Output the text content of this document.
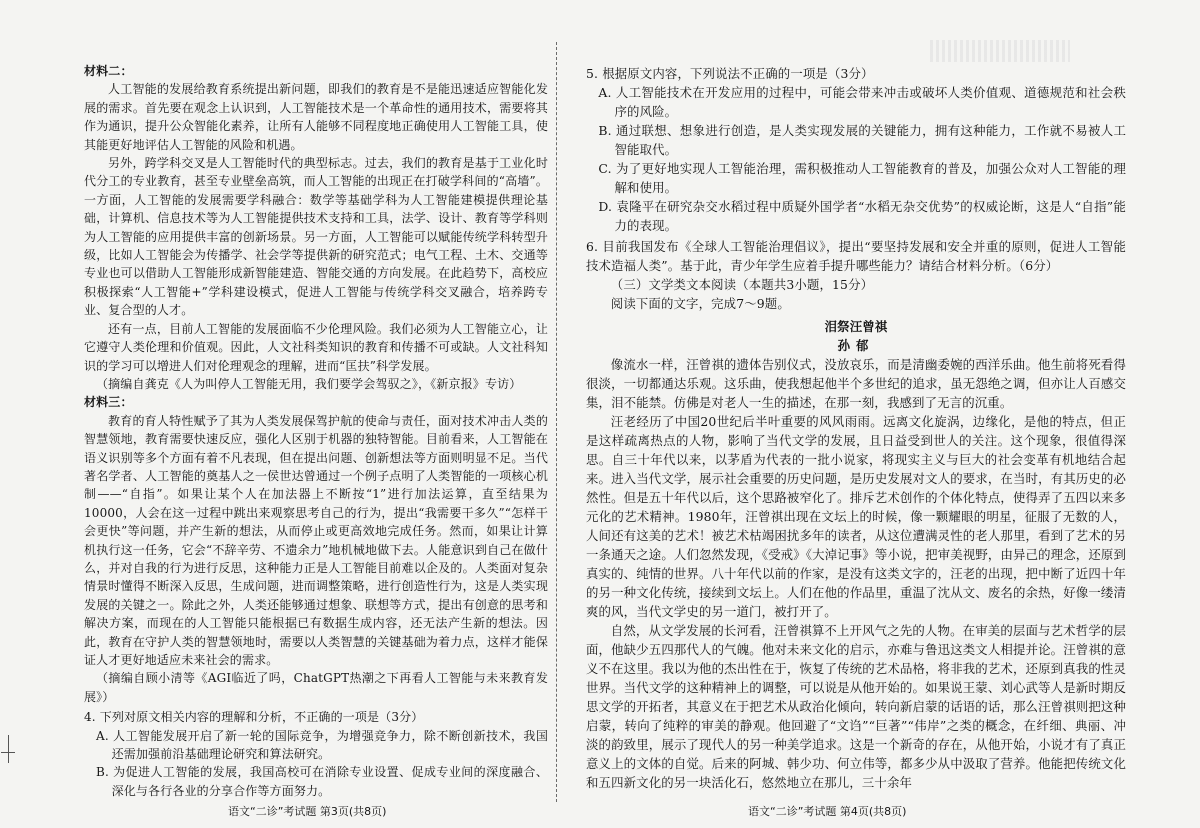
材料二：

人工智能的发展给教育系统提出新问题，即我们的教育是不是能迅速适应智能化发展的需求。首先要在观念上认识到，人工智能技术是一个革命性的通用技术，需要将其作为通识，提升公众智能化素养，让所有人能够不同程度地正确使用人工智能工具，使其能更好地评估人工智能的风险和机遇。

另外，跨学科交叉是人工智能时代的典型标志。过去，我们的教育是基于工业化时代分工的专业教育，甚至专业壁垒高筑，而人工智能的出现正在打破学科间的“高墙”。一方面，人工智能的发展需要学科融合：数学等基础学科为人工智能建模提供理论基础，计算机、信息技术等为人工智能提供技术支持和工具，法学、设计、教育等学科则为人工智能的应用提供丰富的创新场景。另一方面，人工智能可以赋能传统学科转型升级，比如人工智能会为传播学、社会学等提供新的研究范式；电气工程、土木、交通等专业也可以借助人工智能形成新智能建造、智能交通的方向发展。在此趋势下，高校应积极探索“人工智能+”学科建设模式，促进人工智能与传统学科交叉融合，培养跨专业、复合型的人才。

还有一点，目前人工智能的发展面临不少伦理风险。我们必须为人工智能立心，让它遵守人类伦理和价值观。因此，人文社科类知识的教育和传播不可或缺。人文社科知识的学习可以增进人们对伦理观念的理解，进而“匡扶”科学发展。

（摘编自龚克《人为叫停人工智能无用，我们要学会驾驭之》，《新京报》专访）

材料三：

教育的育人特性赋予了其为人类发展保驾护航的使命与责任，面对技术冲击人类的智慧领地，教育需要快速反应，强化人区别于机器的独特智能。目前看来，人工智能在语义识别等多个方面有着不凡表现，但在提出问题、创新想法等方面则明显不足。当代著名学者、人工智能的奠基人之一侯世达曾通过一个例子点明了人类智能的一项核心机制——“自指”。如果让某个人在加法器上不断按“1”进行加法运算，直至结果为10000，人会在这一过程中跳出来观察思考自己的行为，提出“我需要干多久”“怎样干会更快”等问题，并产生新的想法，从而停止或更高效地完成任务。然而，如果让计算机执行这一任务，它会“不辞辛劳、不遗余力”地机械地做下去。人能意识到自己在做什么，并对自我的行为进行反思，这种能力正是人工智能目前难以企及的。人类面对复杂情景时懂得不断深入反思，生成问题，进而调整策略，进行创造性行为，这是人类实现发展的关键之一。除此之外，人类还能够通过想象、联想等方式，提出有创意的思考和解决方案，而现在的人工智能只能根据已有数据生成内容，还无法产生新的想法。因此，教育在守护人类的智慧领地时，需要以人类智慧的关键基础为着力点，这样才能保证人才更好地适应未来社会的需求。

（摘编自顾小清等《AGI临近了吗，ChatGPT热潮之下再看人工智能与未来教育发展》）

4. 下列对原文相关内容的理解和分析，不正确的一项是（3分）

A. 人工智能发展开启了新一轮的国际竞争，为增强竞争力，除不断创新技术，我国还需加强前沿基础理论研究和算法研究。

B. 为促进人工智能的发展，我国高校可在消除专业设置、促成专业间的深度融合、深化与各行各业的分享合作等方面努力。

5. 根据原文内容，下列说法不正确的一项是（3分）

A. 人工智能技术在开发应用的过程中，可能会带来冲击或破坏人类价值观、道德规范和社会秩序的风险。

B. 通过联想、想象进行创造，是人类实现发展的关键能力，拥有这种能力，工作就不易被人工智能取代。

C. 为了更好地实现人工智能治理，需积极推动人工智能教育的普及，加强公众对人工智能的理解和使用。

D. 袁隆平在研究杂交水稻过程中质疑外国学者“水稻无杂交优势”的权威论断，这是人“自指”能力的表现。

6. 目前我国发布《全球人工智能治理倡议》，提出“要坚持发展和安全并重的原则，促进人工智能技术造福人类”。基于此，青少年学生应着手提升哪些能力？请结合材料分析。（6分）

（三）文学类文本阅读（本题共3小题，15分）

阅读下面的文字，完成7～9题。

泪祭汪曾祺

孙郁

像流水一样，汪曾祺的遗体告别仪式，没放哀乐，而是清幽委婉的西洋乐曲。他生前将死看得很淡，一切都通达乐观。这乐曲，使我想起他半个多世纪的追求，虽无怨绝之调，但亦让人百感交集，泪不能禁。仿佛是对老人一生的描述，在那一刻，我感到了无言的沉重。

汪老经历了中国20世纪后半叶重要的风风雨雨。远离文化旋涡，边缘化，是他的特点，但正是这样疏离热点的人物，影响了当代文学的发展，且日益受到世人的关注。这个现象，很值得深思。自三十年代以来，以茅盾为代表的一批小说家，将现实主义与巨大的社会变革有机地结合起来。进入当代文学，展示社会重要的历史问题，是历史发展对文人的要求，在当时，有其历史的必然性。但是五十年代以后，这个思路被窄化了。排斥艺术创作的个体化特点，使得弄了五四以来多元化的艺术精神。1980年，汪曾祺出现在文坛上的时候，像一颗耀眼的明星，征服了无数的人，人间还有这美的艺术！被艺术枯竭困扰多年的读者，从这位遭满灵性的老人那里，看到了艺术的另一条通天之途。人们忽然发现，《受戒》《大淖记事》等小说，把审美视野，由异己的理念，还原到真实的、纯情的世界。八十年代以前的作家，是没有这类文字的，汪老的出现，把中断了近四十年的另一种文化传统，接续到文坛上。人们在他的作品里，重温了沈从文、废名的余热，好像一缕清爽的风，当代文学史的另一道门，被打开了。

自然，从文学发展的长河看，汪曾祺算不上开风气之先的人物。在审美的层面与艺术哲学的层面，他缺少五四那代人的气魄。他对未来文化的启示，亦难与鲁迅这类文人相提并论。汪曾祺的意义不在这里。我以为他的杰出性在于，恢复了传统的艺术品格，将非我的艺术，还原到真我的性灵世界。当代文学的这种精神上的调整，可以说是从他开始的。如果说王蒙、刘心武等人是新时期反思文学的开拓者，其意义在于把艺术从政治化倾向，转向新启蒙的话语的话，那么汪曾祺则把这种启蒙，转向了纯粹的审美的静观。他回避了“文诌”“巨著”“伟岸”之类的概念，在纤细、典丽、冲淡的韵致里，展示了现代人的另一种美学追求。这是一个新奇的存在，从他开始，小说才有了真正意义上的文体的自觉。后来的阿城、韩少功、何立伟等，都多少从中汲取了营养。他能把传统文化和五四新文化的另一块活化石，悠然地立在那儿，三十余年

语文“二诊”考试题 第3页(共8页)	语文“二诊”考试题 第4页(共8页)
